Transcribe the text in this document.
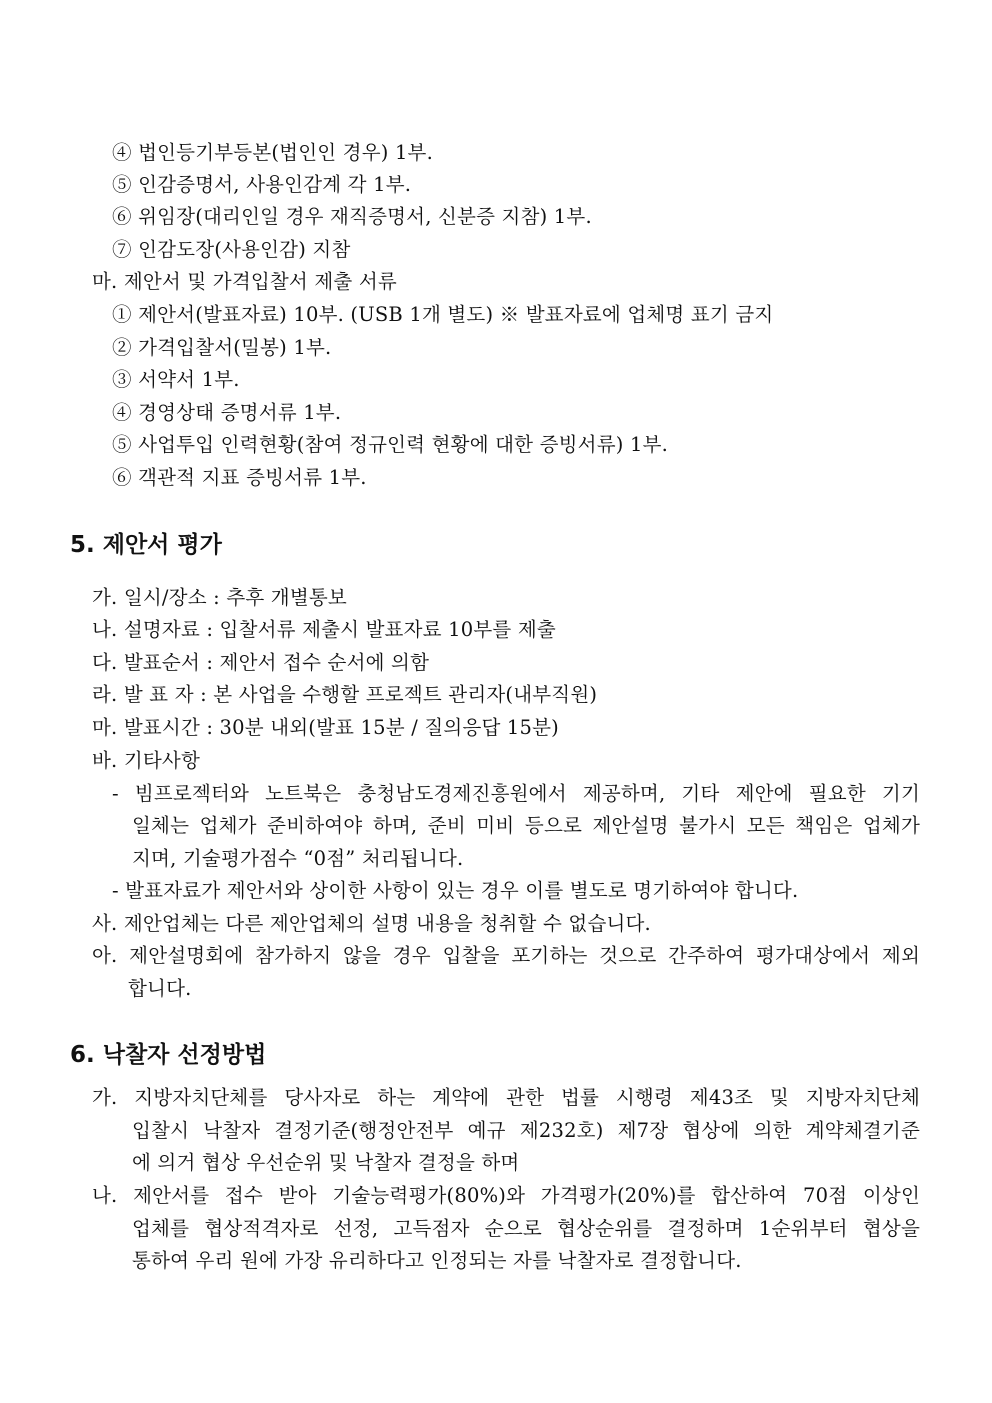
④ 법인등기부등본(법인인 경우) 1부.
⑤ 인감증명서, 사용인감계 각 1부.
⑥ 위임장(대리인일 경우 재직증명서, 신분증 지참) 1부.
⑦ 인감도장(사용인감) 지참
마. 제안서 및 가격입찰서 제출 서류
① 제안서(발표자료) 10부. (USB 1개 별도) ※ 발표자료에 업체명 표기 금지
② 가격입찰서(밀봉) 1부.
③ 서약서 1부.
④ 경영상태 증명서류 1부.
⑤ 사업투입 인력현황(참여 정규인력 현황에 대한 증빙서류) 1부.
⑥ 객관적 지표 증빙서류 1부.
5. 제안서 평가
가. 일시/장소 : 추후 개별통보
나. 설명자료 : 입찰서류 제출시 발표자료 10부를 제출
다. 발표순서 : 제안서 접수 순서에 의함
라. 발 표 자 : 본 사업을 수행할 프로젝트 관리자(내부직원)
마. 발표시간 : 30분 내외(발표 15분 / 질의응답 15분)
바. 기타사항
- 빔프로젝터와 노트북은 충청남도경제진흥원에서 제공하며, 기타 제안에 필요한 기기
일체는 업체가 준비하여야 하며, 준비 미비 등으로 제안설명 불가시 모든 책임은 업체가
지며, 기술평가점수 “0점” 처리됩니다.
- 발표자료가 제안서와 상이한 사항이 있는 경우 이를 별도로 명기하여야 합니다.
사. 제안업체는 다른 제안업체의 설명 내용을 청취할 수 없습니다.
아. 제안설명회에 참가하지 않을 경우 입찰을 포기하는 것으로 간주하여 평가대상에서 제외
합니다.
6. 낙찰자 선정방법
가. 지방자치단체를 당사자로 하는 계약에 관한 법률 시행령 제43조 및 지방자치단체
입찰시 낙찰자 결정기준(행정안전부 예규 제232호) 제7장 협상에 의한 계약체결기준
에 의거 협상 우선순위 및 낙찰자 결정을 하며
나. 제안서를 접수 받아 기술능력평가(80%)와 가격평가(20%)를 합산하여 70점 이상인
업체를 협상적격자로 선정, 고득점자 순으로 협상순위를 결정하며 1순위부터 협상을
통하여 우리 원에 가장 유리하다고 인정되는 자를 낙찰자로 결정합니다.
